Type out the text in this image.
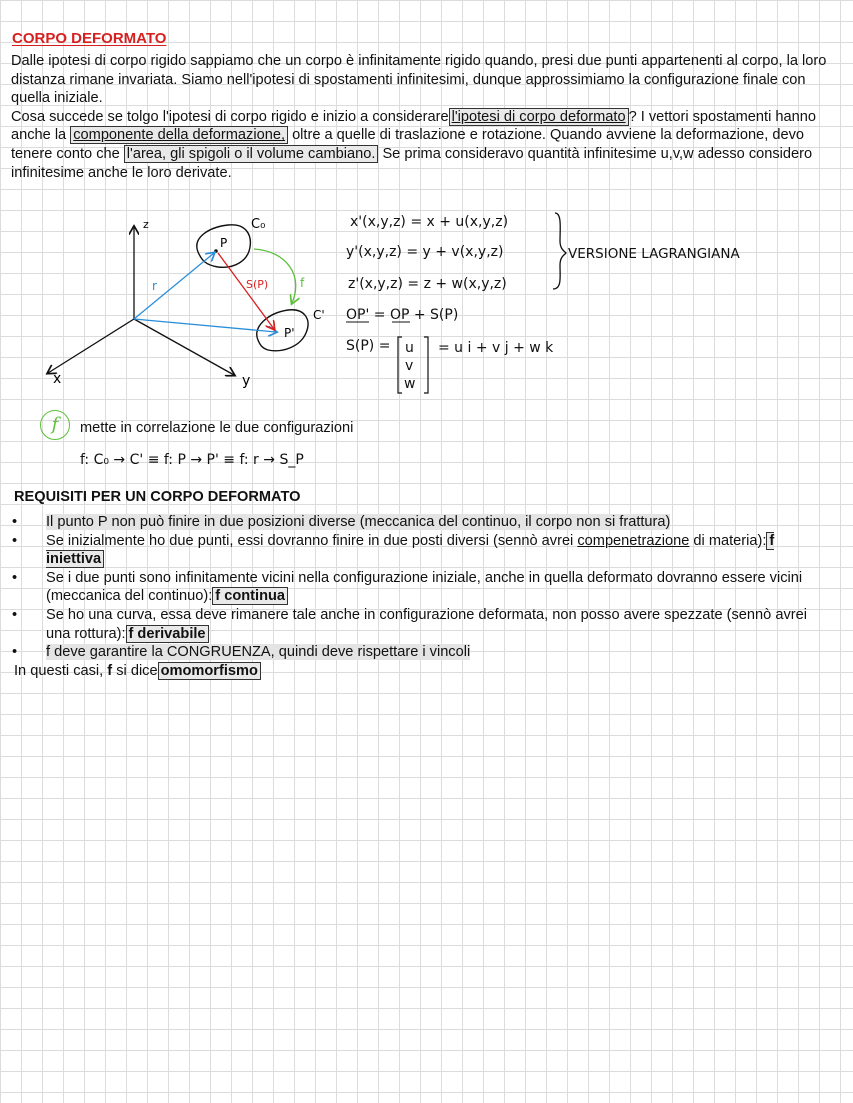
CORPO DEFORMATO

Dalle ipotesi di corpo rigido sappiamo che un corpo è infinitamente rigido quando, presi due punti appartenenti al corpo, la loro distanza rimane invariata. Siamo nell'ipotesi di spostamenti infinitesimi, dunque approssimiamo la configurazione finale con quella iniziale.

Cosa succede se tolgo l'ipotesi di corpo rigido e inizio a considerare l'ipotesi di corpo deformato ? I vettori spostamenti hanno anche la componente della deformazione, oltre a quelle di traslazione e rotazione. Quando avviene la deformazione, devo tenere conto che l'area, gli spigoli o il volume cambiano. Se prima consideravo quantità infinitesime u,v,w adesso considero infinitesime anche le loro derivate.

z
x	y
C₀
P
C'
P'
r	S(P)	f
x'(x,y,z) = x + u(x,y,z)
y'(x,y,z) = y + v(x,y,z)
z'(x,y,z) = z + w(x,y,z)
VERSIONE LAGRANGIANA
OP' = OP + S(P)
S(P) = u
v
w
= u i + v j + w k
f	mette in correlazione le due configurazioni
f: C₀ → C' ≡ f: P → P' ≡ f: r → S_P
REQUISITI PER UN CORPO DEFORMATO
• Il punto P non può finire in due posizioni diverse (meccanica del continuo, il corpo non si frattura)
• Se inizialmente ho due punti, essi dovranno finire in due posti diversi (sennò avrei compenetrazione di materia): f iniettiva
• Se i due punti sono infinitamente vicini nella configurazione iniziale, anche in quella deformato dovranno essere vicini (meccanica del continuo): f continua
• Se ho una curva, essa deve rimanere tale anche in configurazione deformata, non posso avere spezzate (sennò avrei una rottura): f derivabile
• f deve garantire la CONGRUENZA, quindi deve rispettare i vincoli
In questi casi, f si dice omomorfismo
